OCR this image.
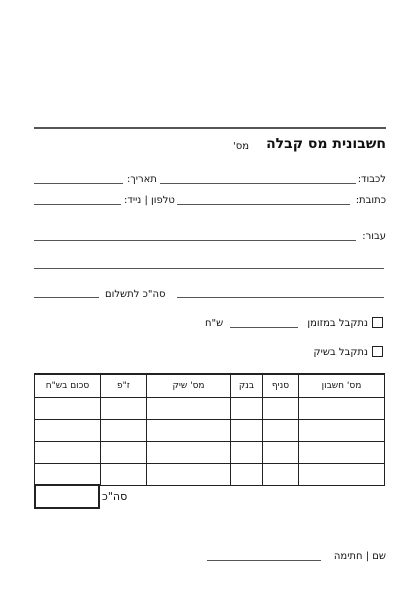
חשבונית מס קבלה
מס'
לכבוד:
תאריך:
כתובת:
טלפון | נייד:
עבור:
סה"כ לתשלום
נתקבל במזומן
ש"ח
נתקבל בשיק
מס' חשבון	סניף	בנק	מס' שיק	ז"פ	סכום בש"ח

סה"כ
שם | חתימה
